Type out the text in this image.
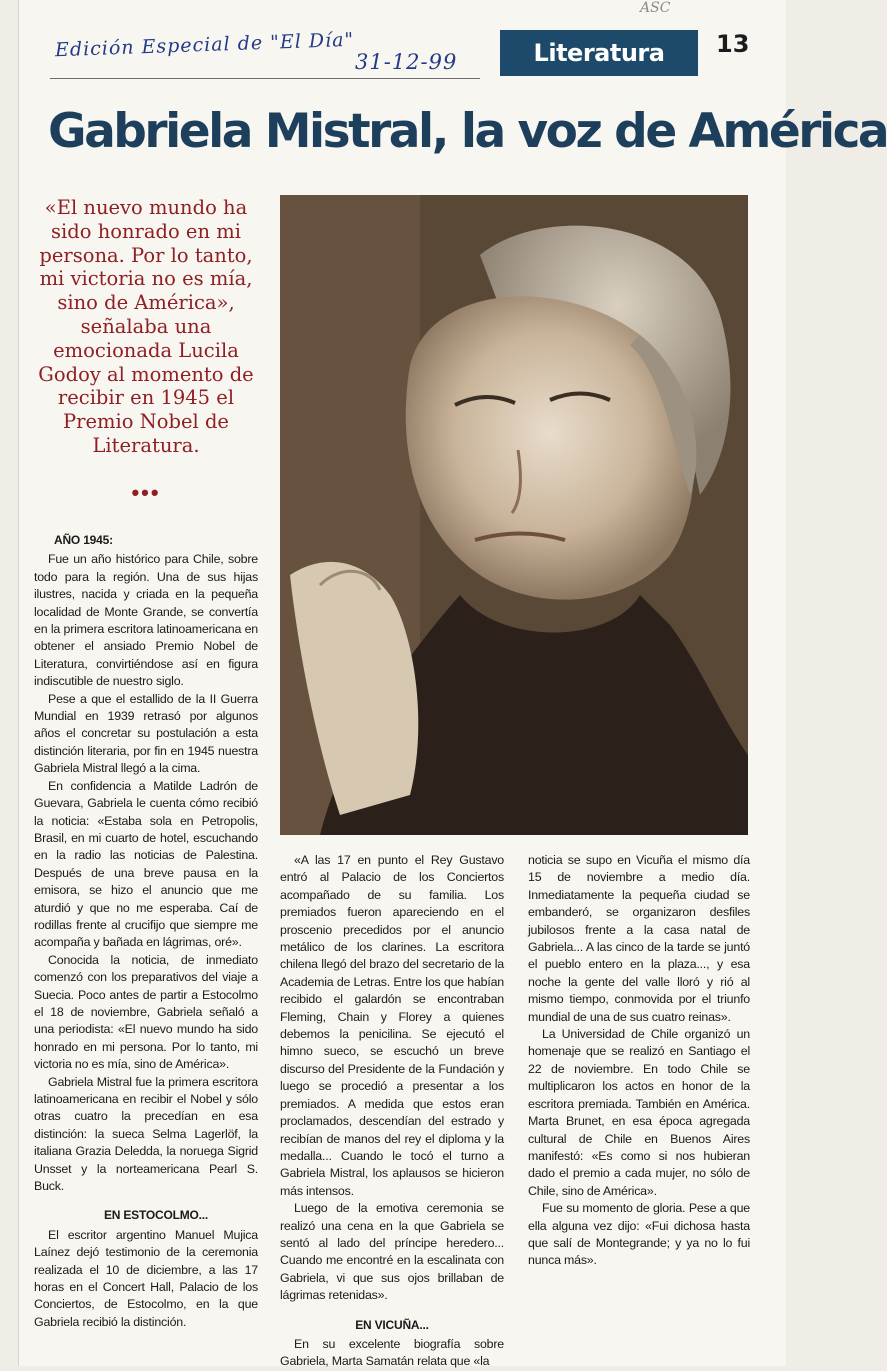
Edición Especial de "El Día"
31-12-99
ASC
Literatura	13
Gabriela Mistral, la voz de América
«El nuevo mundo ha sido honrado en mi persona. Por lo tanto, mi victoria no es mía, sino de América», señalaba una emocionada Lucila Godoy al momento de recibir en 1945 el Premio Nobel de Literatura.
•••
AÑO 1945:

Fue un año histórico para Chile, sobre todo para la región. Una de sus hijas ilustres, nacida y criada en la pequeña localidad de Monte Grande, se convertía en la primera escritora latinoamericana en obtener el ansiado Premio Nobel de Literatura, convirtiéndose así en figura indiscutible de nuestro siglo.

Pese a que el estallido de la II Guerra Mundial en 1939 retrasó por algunos años el concretar su postulación a esta distinción literaria, por fin en 1945 nuestra Gabriela Mistral llegó a la cima.

En confidencia a Matilde Ladrón de Guevara, Gabriela le cuenta cómo recibió la noticia: «Estaba sola en Petropolis, Brasil, en mi cuarto de hotel, escuchando en la radio las noticias de Palestina. Después de una breve pausa en la emisora, se hizo el anuncio que me aturdió y que no me esperaba. Caí de rodillas frente al crucifijo que siempre me acompaña y bañada en lágrimas, oré».

Conocida la noticia, de inmediato comenzó con los preparativos del viaje a Suecia. Poco antes de partir a Estocolmo el 18 de noviembre, Gabriela señaló a una periodista: «El nuevo mundo ha sido honrado en mi persona. Por lo tanto, mi victoria no es mía, sino de América».

Gabriela Mistral fue la primera escritora latinoamericana en recibir el Nobel y sólo otras cuatro la precedían en esa distinción: la sueca Selma Lagerlöf, la italiana Grazia Deledda, la noruega Sigrid Unsset y la norteamericana Pearl S. Buck.

EN ESTOCOLMO...

El escritor argentino Manuel Mujica Laínez dejó testimonio de la ceremonia realizada el 10 de diciembre, a las 17 horas en el Concert Hall, Palacio de los Conciertos, de Estocolmo, en la que Gabriela recibió la distinción.

«A las 17 en punto el Rey Gustavo entró al Palacio de los Conciertos acompañado de su familia. Los premiados fueron apareciendo en el proscenio precedidos por el anuncio metálico de los clarines. La escritora chilena llegó del brazo del secretario de la Academia de Letras. Entre los que habían recibido el galardón se encontraban Fleming, Chain y Florey a quienes debemos la penicilina. Se ejecutó el himno sueco, se escuchó un breve discurso del Presidente de la Fundación y luego se procedió a presentar a los premiados. A medida que estos eran proclamados, descendían del estrado y recibían de manos del rey el diploma y la medalla... Cuando le tocó el turno a Gabriela Mistral, los aplausos se hicieron más intensos.

Luego de la emotiva ceremonia se realizó una cena en la que Gabriela se sentó al lado del príncipe heredero... Cuando me encontré en la escalinata con Gabriela, vi que sus ojos brillaban de lágrimas retenidas».

EN VICUÑA...

En su excelente biografía sobre Gabriela, Marta Samatán relata que «la

noticia se supo en Vicuña el mismo día 15 de noviembre a medio día. Inmediatamente la pequeña ciudad se embanderó, se organizaron desfiles jubilosos frente a la casa natal de Gabriela... A las cinco de la tarde se juntó el pueblo entero en la plaza..., y esa noche la gente del valle lloró y rió al mismo tiempo, conmovida por el triunfo mundial de una de sus cuatro reinas».

La Universidad de Chile organizó un homenaje que se realizó en Santiago el 22 de noviembre. En todo Chile se multiplicaron los actos en honor de la escritora premiada. También en América. Marta Brunet, en esa época agregada cultural de Chile en Buenos Aires manifestó: «Es como si nos hubieran dado el premio a cada mujer, no sólo de Chile, sino de América».

Fue su momento de gloria. Pese a que ella alguna vez dijo: «Fui dichosa hasta que salí de Montegrande; y ya no lo fui nunca más».
